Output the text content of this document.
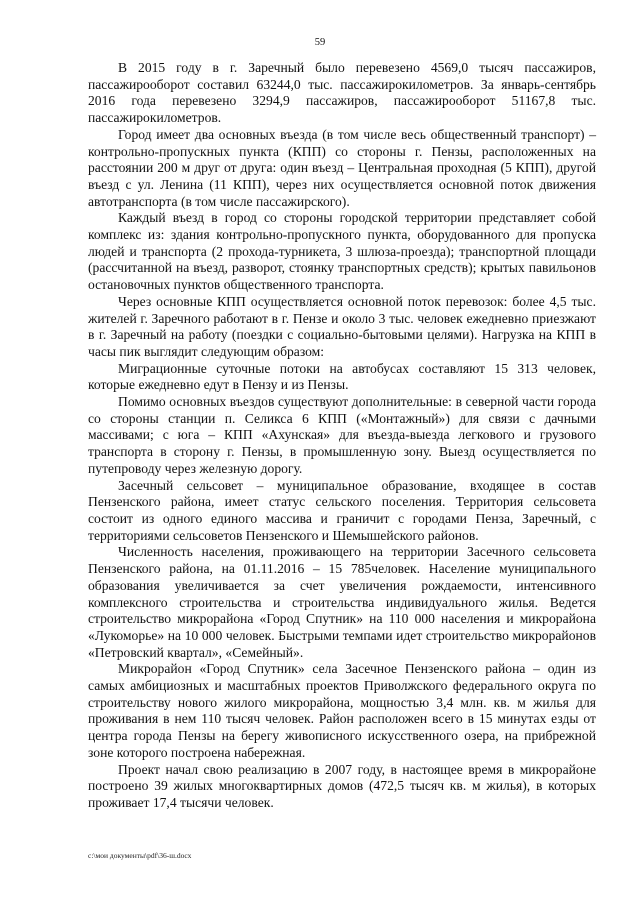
59

В 2015 году в г. Заречный было перевезено 4569,0 тысяч пассажиров, пассажирооборот составил 63244,0 тыс. пассажирокилометров. За январь-сентябрь 2016 года перевезено 3294,9 пассажиров, пассажирооборот 51167,8 тыс. пассажирокилометров.

Город имеет два основных въезда (в том числе весь общественный транспорт) – контрольно-пропускных пункта (КПП) со стороны г. Пензы, расположенных на расстоянии 200 м друг от друга: один въезд – Центральная проходная (5 КПП), другой въезд с ул. Ленина (11 КПП), через них осуществляется основной поток движения автотранспорта (в том числе пассажирского).

Каждый въезд в город со стороны городской территории представляет собой комплекс из: здания контрольно-пропускного пункта, оборудованного для пропуска людей и транспорта (2 прохода-турникета, 3 шлюза-проезда); транспортной площади (рассчитанной на въезд, разворот, стоянку транспортных средств); крытых павильонов остановочных пунктов общественного транспорта.

Через основные КПП осуществляется основной поток перевозок: более 4,5 тыс. жителей г. Заречного работают в г. Пензе и около 3 тыс. человек ежедневно приезжают в г. Заречный на работу (поездки с социально-бытовыми целями). Нагрузка на КПП в часы пик выглядит следующим образом:

Миграционные суточные потоки на автобусах составляют 15 313 человек, которые ежедневно едут в Пензу и из Пензы.

Помимо основных въездов существуют дополнительные: в северной части города со стороны станции п. Селикса 6 КПП («Монтажный») для связи с дачными массивами; с юга – КПП «Ахунская» для въезда-выезда легкового и грузового транспорта в сторону г. Пензы, в промышленную зону. Выезд осуществляется по путепроводу через железную дорогу.

Засечный сельсовет – муниципальное образование, входящее в состав Пензенского района, имеет статус сельского поселения. Территория сельсовета состоит из одного единого массива и граничит с городами Пенза, Заречный, с территориями сельсоветов Пензенского и Шемышейского районов.

Численность населения, проживающего на территории Засечного сельсовета Пензенского района, на 01.11.2016 – 15 785человек. Население муниципального образования увеличивается за счет увеличения рождаемости, интенсивного комплексного строительства и строительства индивидуального жилья. Ведется строительство микрорайона «Город Спутник» на 110 000 населения и микрорайона «Лукоморье» на 10 000 человек. Быстрыми темпами идет строительство микрорайонов «Петровский квартал», «Семейный».

Микрорайон «Город Спутник» села Засечное Пензенского района – один из самых амбициозных и масштабных проектов Приволжского федерального округа по строительству нового жилого микрорайона, мощностью 3,4 млн. кв. м жилья для проживания в нем 110 тысяч человек. Район расположен всего в 15 минутах езды от центра города Пензы на берегу живописного искусственного озера, на прибрежной зоне которого построена набережная.

Проект начал свою реализацию в 2007 году, в настоящее время в микрорайоне построено 39 жилых многоквартирных домов (472,5 тысяч кв. м жилья), в которых проживает 17,4 тысячи человек.

c:\мои документы\pdf\36-ш.docx
